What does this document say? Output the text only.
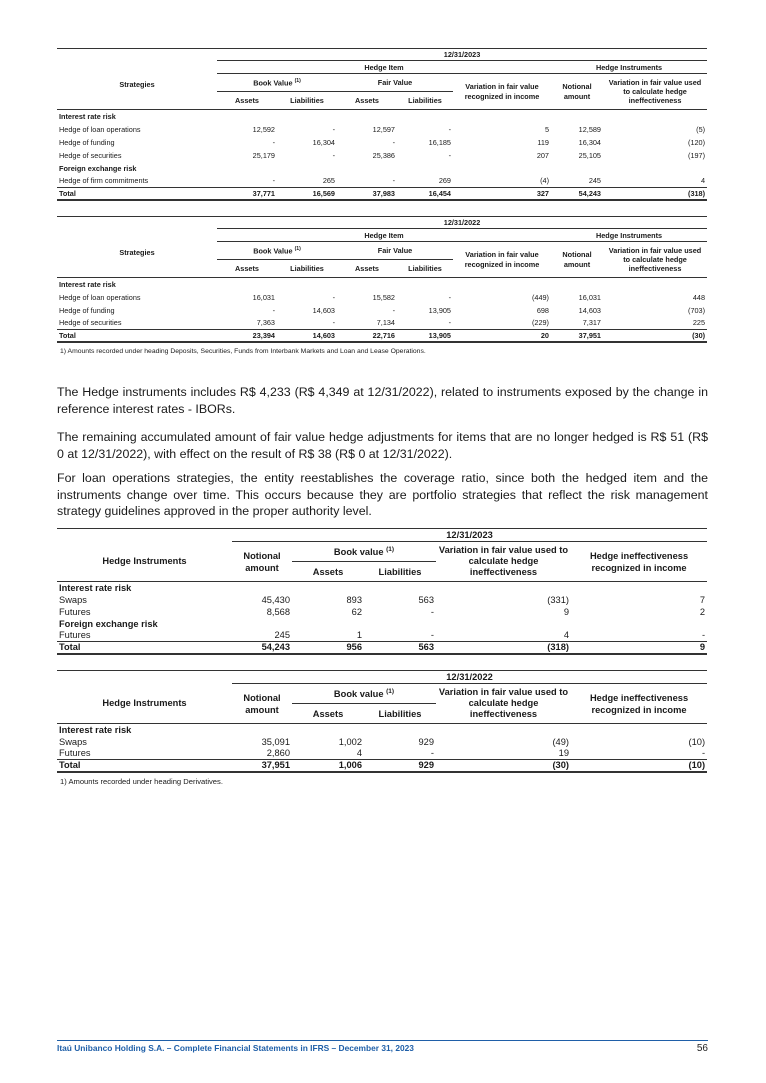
	12/31/2023						
Strategies	Hedge Item					Hedge Instruments	
	Book Value $^{(1)}$		Fair Value		Variation in fair value recognized in income	Notional amount	Variation in fair value used to calculate hedge ineffectiveness
	Assets	Liabilities	Assets	Liabilities			
Interest rate risk							
Hedge of loan operations	12,592	-	12,597	-	5	12,589	(5)
Hedge of funding	-	16,304	-	16,185	119	16,304	(120)
Hedge of securities	25,179	-	25,386	-	207	25,105	(197)
Foreign exchange risk							
Hedge of firm commitments	-	265	-	269	(4)	245	4
Total	37,771	16,569	37,983	16,454	327	54,243	(318)
	12/31/2022						
Strategies	Hedge Item					Hedge Instruments	
	Book Value $^{(1)}$		Fair Value		Variation in fair value recognized in income	Notional amount	Variation in fair value used to calculate hedge ineffectiveness
	Assets	Liabilities	Assets	Liabilities			
Interest rate risk							
Hedge of loan operations	16,031	-	15,582	-	(449)	16,031	448
Hedge of funding	-	14,603	-	13,905	698	14,603	(703)
Hedge of securities	7,363	-	7,134	-	(229)	7,317	225
Total	23,394	14,603	22,716	13,905	20	37,951	(30)
1) Amounts recorded under heading Deposits, Securities, Funds from Interbank Markets and Loan and Lease Operations.

The Hedge instruments includes R$ 4,233 (R$ 4,349 at 12/31/2022), related to instruments exposed by the change in reference interest rates - IBORs.

The remaining accumulated amount of fair value hedge adjustments for items that are no longer hedged is R$ 51 (R$ 0 at 12/31/2022), with effect on the result of R$ 38 (R$ 0 at 12/31/2022).

For loan operations strategies, the entity reestablishes the coverage ratio, since both the hedged item and the instruments change over time. This occurs because they are portfolio strategies that reflect the risk management strategy guidelines approved in the proper authority level.

	12/31/2023				
Hedge Instruments	Notional amount	Book value $^{(1)}$		Variation in fair value used to calculate hedge ineffectiveness	Hedge ineffectiveness recognized in income
		Assets	Liabilities		
Interest rate risk					
Swaps	45,430	893	563	(331)	7
Futures	8,568	62	-	9	2
Foreign exchange risk					
Futures	245	1	-	4	-
Total	54,243	956	563	(318)	9
	12/31/2022				
Hedge Instruments	Notional amount	Book value $^{(1)}$		Variation in fair value used to calculate hedge ineffectiveness	Hedge ineffectiveness recognized in income
		Assets	Liabilities		
Interest rate risk					
Swaps	35,091	1,002	929	(49)	(10)
Futures	2,860	4	-	19	-
Total	37,951	1,006	929	(30)	(10)
1) Amounts recorded under heading Derivatives.
Itaú Unibanco Holding S.A. – Complete Financial Statements in IFRS – December 31, 2023	56
